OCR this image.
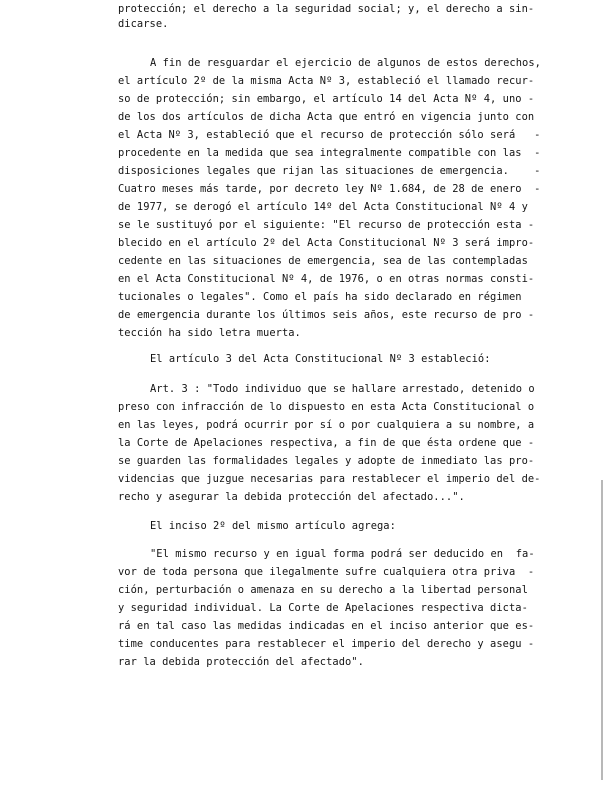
protección; el derecho a la seguridad social; y, el derecho a sin-
dicarse.
A fin de resguardar el ejercicio de algunos de estos derechos,
el artículo 2º de la misma Acta Nº 3, estableció el llamado recur-
so de protección; sin embargo, el artículo 14 del Acta Nº 4, uno -
de los dos artículos de dicha Acta que entró en vigencia junto con
el Acta Nº 3, estableció que el recurso de protección sólo será   -
procedente en la medida que sea integralmente compatible con las  -
disposiciones legales que rijan las situaciones de emergencia.    -
Cuatro meses más tarde, por decreto ley Nº 1.684, de 28 de enero  -
de 1977, se derogó el artículo 14º del Acta Constitucional Nº 4 y
se le sustituyó por el siguiente: "El recurso de protección esta -
blecido en el artículo 2º del Acta Constitucional Nº 3 será impro-
cedente en las situaciones de emergencia, sea de las contempladas
en el Acta Constitucional Nº 4, de 1976, o en otras normas consti-
tucionales o legales". Como el país ha sido declarado en régimen
de emergencia durante los últimos seis años, este recurso de pro -
tección ha sido letra muerta.
El artículo 3 del Acta Constitucional Nº 3 estableció:
Art. 3 : "Todo individuo que se hallare arrestado, detenido o
preso con infracción de lo dispuesto en esta Acta Constitucional o
en las leyes, podrá ocurrir por sí o por cualquiera a su nombre, a
la Corte de Apelaciones respectiva, a fin de que ésta ordene que -
se guarden las formalidades legales y adopte de inmediato las pro-
videncias que juzgue necesarias para restablecer el imperio del de-
recho y asegurar la debida protección del afectado...".
El inciso 2º del mismo artículo agrega:
"El mismo recurso y en igual forma podrá ser deducido en  fa-
vor de toda persona que ilegalmente sufre cualquiera otra priva  -
ción, perturbación o amenaza en su derecho a la libertad personal
y seguridad individual. La Corte de Apelaciones respectiva dicta-
rá en tal caso las medidas indicadas en el inciso anterior que es-
time conducentes para restablecer el imperio del derecho y asegu -
rar la debida protección del afectado".
